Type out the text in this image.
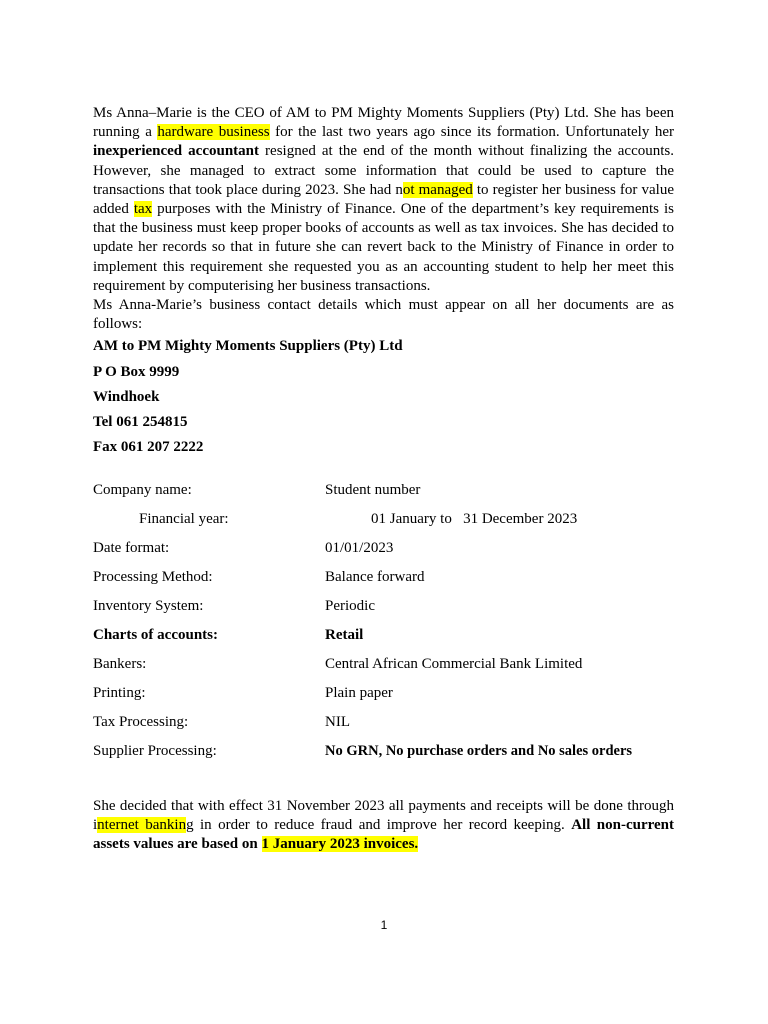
Ms Anna–Marie is the CEO of AM to PM Mighty Moments Suppliers (Pty) Ltd. She has been running a hardware business for the last two years ago since its formation. Unfortunately her inexperienced accountant resigned at the end of the month without finalizing the accounts. However, she managed to extract some information that could be used to capture the transactions that took place during 2023. She had not managed to register her business for value added tax purposes with the Ministry of Finance. One of the department’s key requirements is that the business must keep proper books of accounts as well as tax invoices. She has decided to update her records so that in future she can revert back to the Ministry of Finance in order to implement this requirement she requested you as an accounting student to help her meet this requirement by computerising her business transactions.

Ms Anna-Marie’s business contact details which must appear on all her documents are as follows:

AM to PM Mighty Moments Suppliers (Pty) Ltd
P O Box 9999
Windhoek
Tel 061 254815
Fax 061 207 2222
Company name:	Student number
Financial year:	01 January to   31 December 2023
Date format:	01/01/2023
Processing Method:	Balance forward
Inventory System:	Periodic
Charts of accounts:	Retail
Bankers:	Central African Commercial Bank Limited
Printing:	Plain paper
Tax Processing:	NIL
Supplier Processing:	No GRN, No purchase orders and No sales orders

She decided that with effect 31 November 2023 all payments and receipts will be done through internet banking in order to reduce fraud and improve her record keeping. All non-current assets values are based on 1 January 2023 invoices.

1
